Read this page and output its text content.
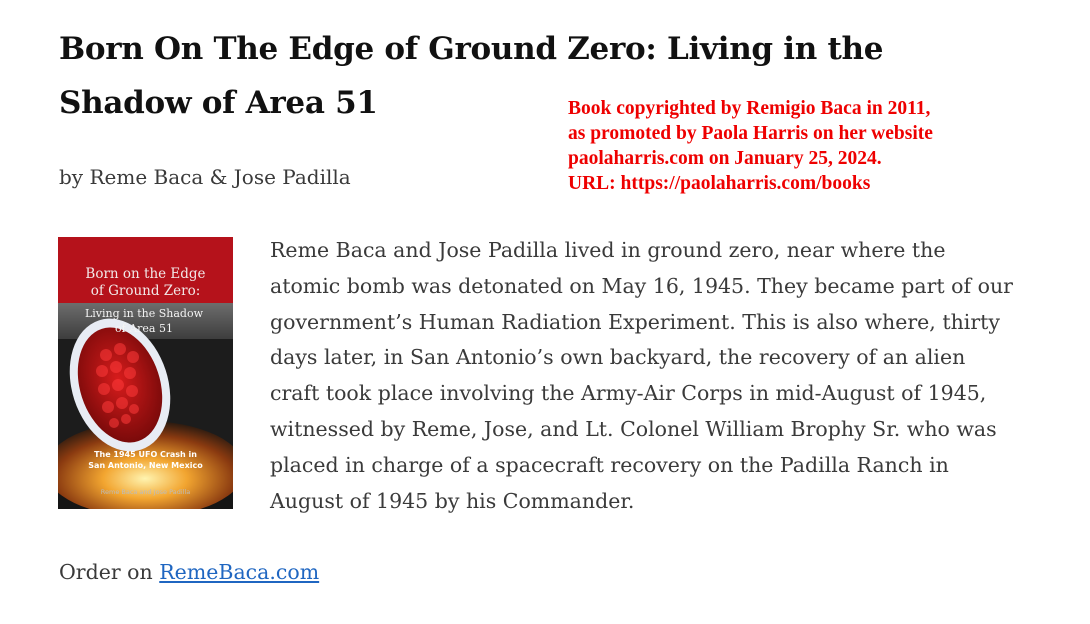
Born On The Edge of Ground Zero: Living in the
Shadow of Area 51
by Reme Baca & Jose Padilla
Book copyrighted by Remigio Baca in 2011,
as promoted by Paola Harris on her website
paolaharris.com on January 25, 2024.
URL: https://paolaharris.com/books
Born on the Edge
of Ground Zero:
Living in the Shadow
of Area 51
The 1945 UFO Crash in
San Antonio, New Mexico
Reme Baca and Jose Padilla
Reme Baca and Jose Padilla lived in ground zero, near where the
atomic bomb was detonated on May 16, 1945. They became part of our
government’s Human Radiation Experiment. This is also where, thirty
days later, in San Antonio’s own backyard, the recovery of an alien
craft took place involving the Army-Air Corps in mid-August of 1945,
witnessed by Reme, Jose, and Lt. Colonel William Brophy Sr. who was
placed in charge of a spacecraft recovery on the Padilla Ranch in
August of 1945 by his Commander.
Order on RemeBaca.com
